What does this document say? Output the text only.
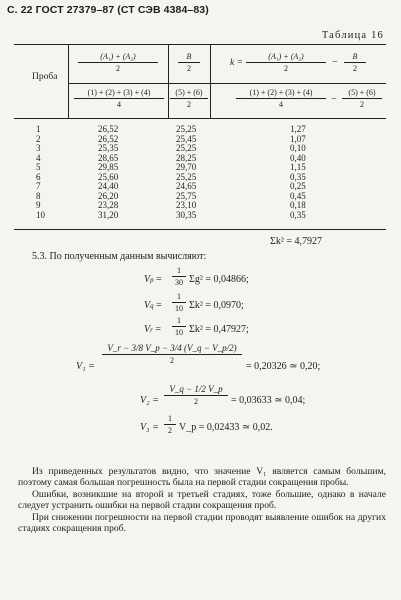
С. 22 ГОСТ 27379–87 (СТ СЭВ 4384–83)
Таблица 16
Проба
(A₁) + (A₂)
2
B
2
k =
(A₁) + (A₂)
2
−
B
2
(1) + (2) + (3) + (4)
4
(5) + (6)
2
(1) + (2) + (3) + (4)
4	−
(5) + (6)
2
1	26,52	25,25	1,27
2	26,52	25,45	1,07
3	25,35	25,25	0,10
4	28,65	28,25	0,40
5	29,85	29,70	1,15
6	25,60	25,25	0,35
7	24,40	24,65	0,25
8	26,20	25,75	0,45
9	23,28	23,10	0,18
10	31,20	30,35	0,35
Σk² = 4,7927
5.3. По полученным данным вычисляют:
Vp =
1
30 Σg² = 0,04866;
Vq =
1
10 Σk² = 0,0970;
Vr =
1
10 Σk² = 0,47927;
V₁ =
V_r − 3/8 V_p − 3/4 (V_q − V_p/2)
2
= 0,20326 ≃ 0,20;
V₂ =
V_q − 1/2 V_p
2	= 0,03633 ≃ 0,04;
V₃ =
1
2 V_p = 0,02433 ≃ 0,02.
Из приведенных результатов видно, что значение V₁ является самым большим, поэтому самая большая погрешность была на первой стадии сокращения пробы.
Ошибки, возникшие на второй и третьей стадиях, тоже большие, однако в начале следует устранить ошибки на первой стадии сокращения проб.
При снижении погрешности на первой стадии проводят выявление ошибок на других стадиях сокращения проб.
